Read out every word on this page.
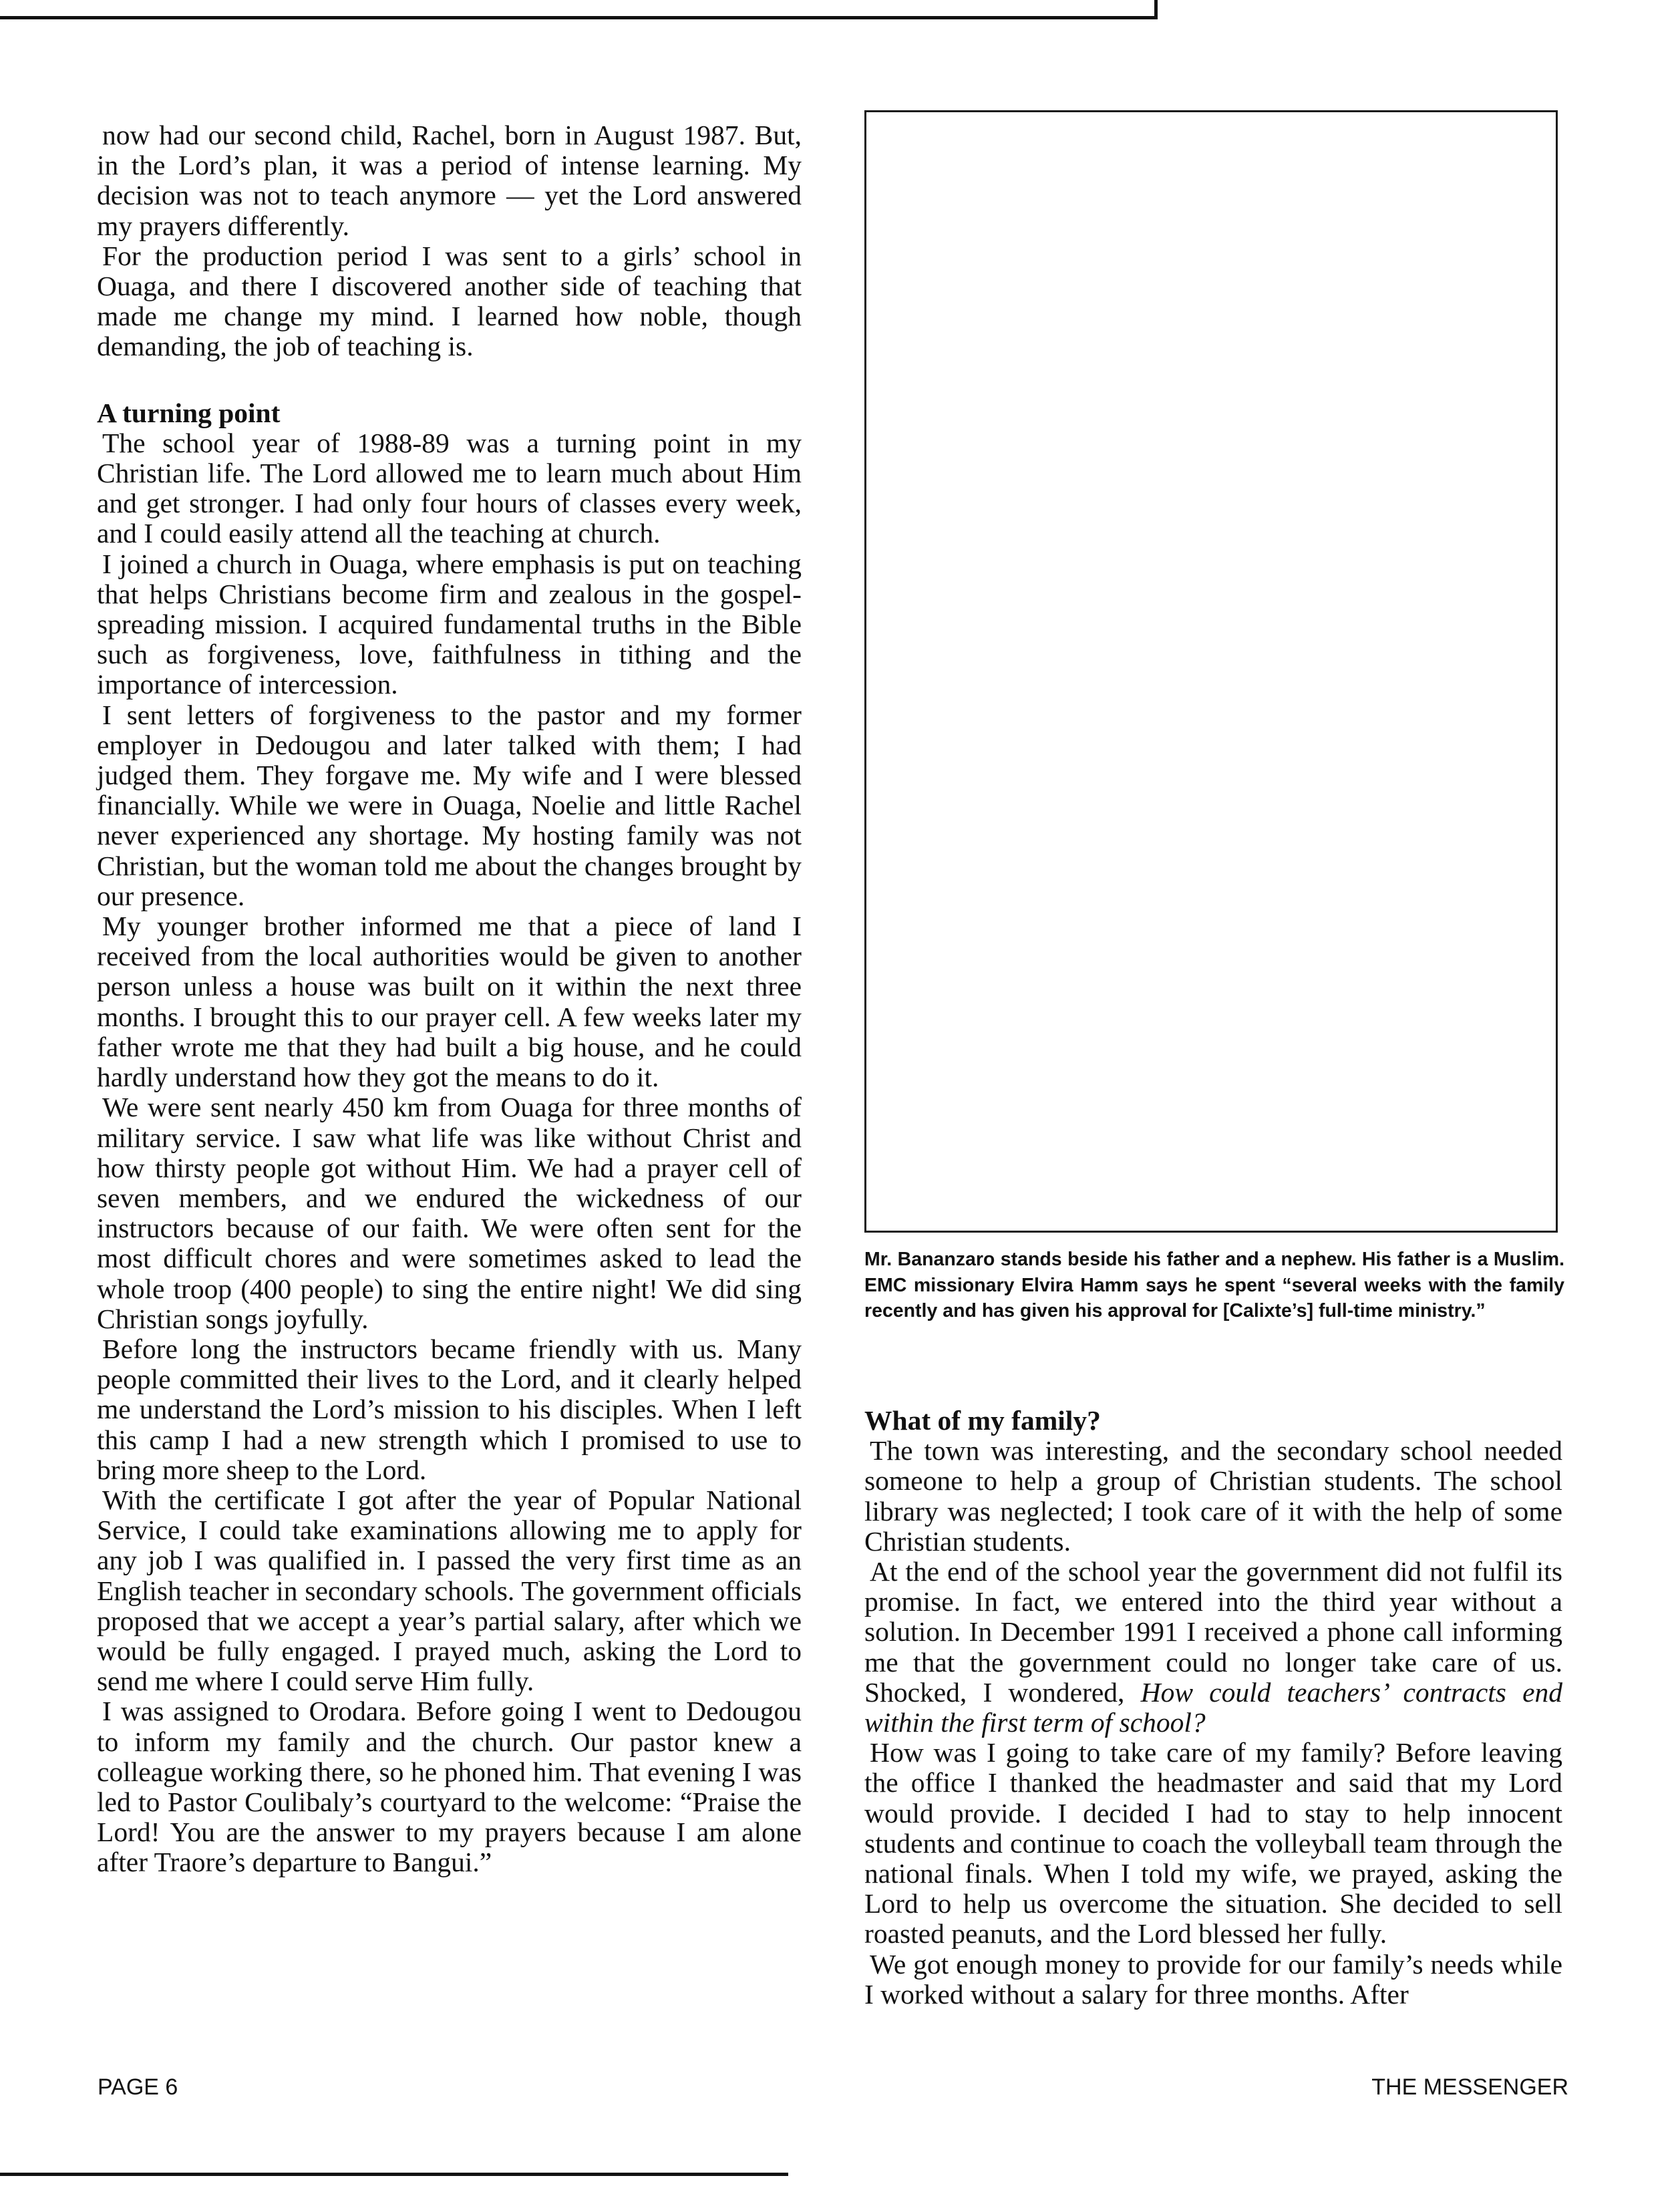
now had our second child, Rachel, born in August 1987. But, in the Lord’s plan, it was a period of intense learning. My decision was not to teach anymore — yet the Lord answered my prayers differently.

For the production period I was sent to a girls’ school in Ouaga, and there I discovered another side of teaching that made me change my mind. I learned how noble, though demanding, the job of teaching is.

A turning point

The school year of 1988-89 was a turning point in my Christian life. The Lord allowed me to learn much about Him and get stronger. I had only four hours of classes every week, and I could easily attend all the teaching at church.

I joined a church in Ouaga, where emphasis is put on teaching that helps Christians become firm and zealous in the gospel-spreading mission. I acquired fundamental truths in the Bible such as forgiveness, love, faithfulness in tithing and the importance of intercession.

I sent letters of forgiveness to the pastor and my former employer in Dedougou and later talked with them; I had judged them. They forgave me. My wife and I were blessed financially. While we were in Ouaga, Noelie and little Rachel never experienced any shortage. My hosting family was not Christian, but the woman told me about the changes brought by our presence.

My younger brother informed me that a piece of land I received from the local authorities would be given to another person unless a house was built on it within the next three months. I brought this to our prayer cell. A few weeks later my father wrote me that they had built a big house, and he could hardly understand how they got the means to do it.

We were sent nearly 450 km from Ouaga for three months of military service. I saw what life was like without Christ and how thirsty people got without Him. We had a prayer cell of seven members, and we endured the wickedness of our instructors because of our faith. We were often sent for the most difficult chores and were sometimes asked to lead the whole troop (400 people) to sing the entire night! We did sing Christian songs joyfully.

Before long the instructors became friendly with us. Many people committed their lives to the Lord, and it clearly helped me understand the Lord’s mission to his disciples. When I left this camp I had a new strength which I promised to use to bring more sheep to the Lord.

With the certificate I got after the year of Popular National Service, I could take examinations allowing me to apply for any job I was qualified in. I passed the very first time as an English teacher in secondary schools. The government officials proposed that we accept a year’s partial salary, after which we would be fully engaged. I prayed much, asking the Lord to send me where I could serve Him fully.

I was assigned to Orodara. Before going I went to Dedougou to inform my family and the church. Our pastor knew a colleague working there, so he phoned him. That evening I was led to Pastor Coulibaly’s courtyard to the welcome: “Praise the Lord! You are the answer to my prayers because I am alone after Traore’s departure to Bangui.”

Mr. Bananzaro stands beside his father and a nephew. His father is a Muslim. EMC missionary Elvira Hamm says he spent “several weeks with the family recently and has given his approval for [Calixte’s] full-time ministry.”
What of my family?

The town was interesting, and the secondary school needed someone to help a group of Christian students. The school library was neglected; I took care of it with the help of some Christian students.

At the end of the school year the government did not fulfil its promise. In fact, we entered into the third year without a solution. In December 1991 I received a phone call informing me that the government could no longer take care of us. Shocked, I wondered, How could teachers’ contracts end within the first term of school?

How was I going to take care of my family? Before leaving the office I thanked the headmaster and said that my Lord would provide. I decided I had to stay to help innocent students and continue to coach the volleyball team through the national finals. When I told my wife, we prayed, asking the Lord to help us overcome the situation. She decided to sell roasted peanuts, and the Lord blessed her fully.

We got enough money to provide for our family’s needs while I worked without a salary for three months. After

PAGE 6	THE MESSENGER
